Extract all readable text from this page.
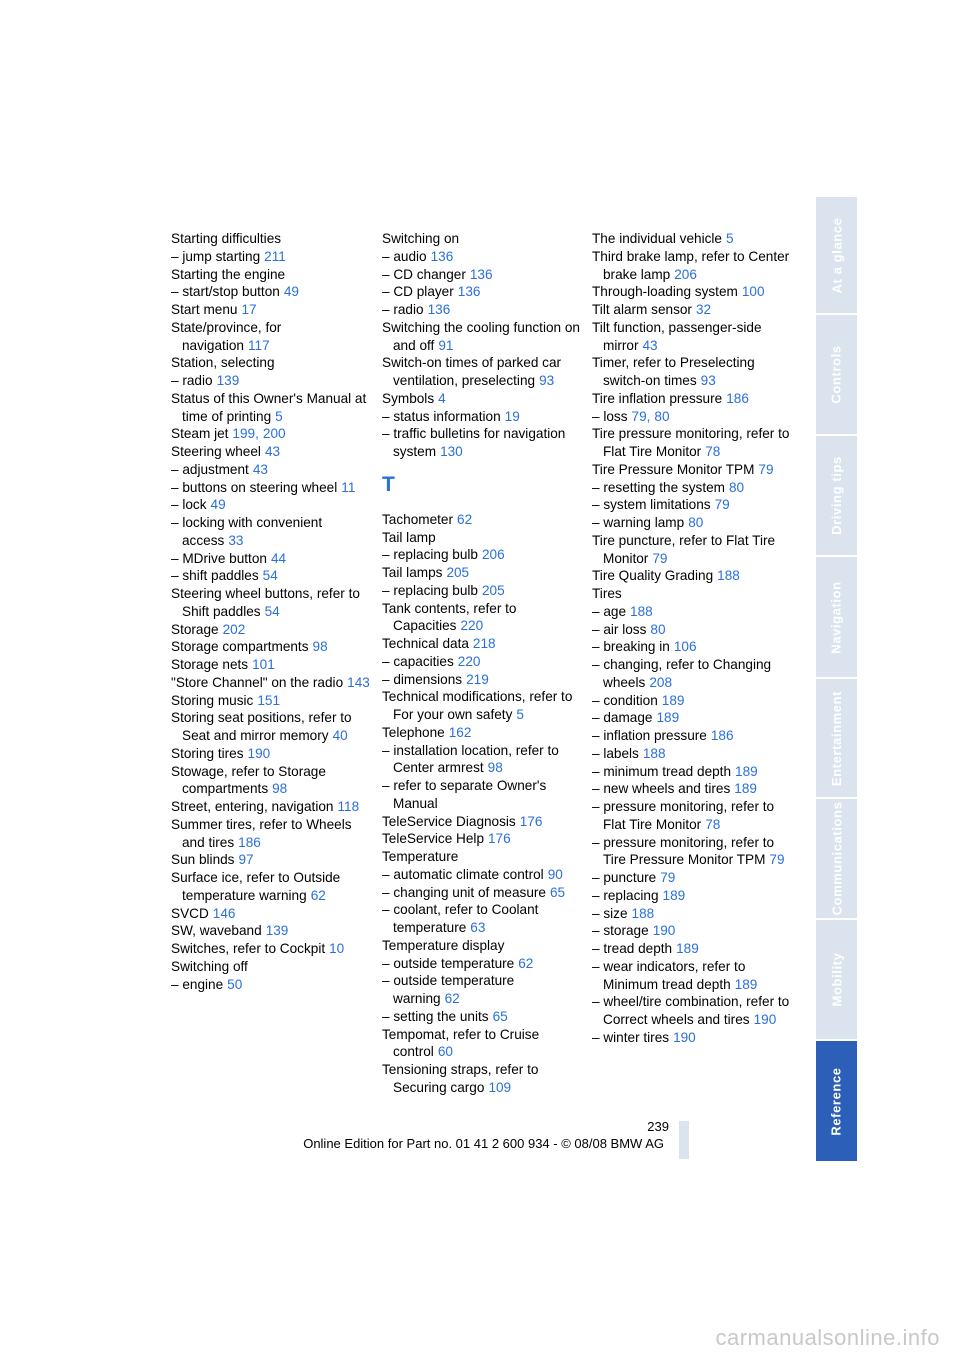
Starting difficulties
– jump starting 211
Starting the engine
– start/stop button 49
Start menu 17
State/province, for navigation 117
Station, selecting
– radio 139
Status of this Owner's Manual at time of printing 5
Steam jet 199, 200
Steering wheel 43
– adjustment 43
– buttons on steering wheel 11
– lock 49
– locking with convenient access 33
– MDrive button 44
– shift paddles 54
Steering wheel buttons, refer to Shift paddles 54
Storage 202
Storage compartments 98
Storage nets 101
"Store Channel" on the radio 143
Storing music 151
Storing seat positions, refer to Seat and mirror memory 40
Storing tires 190
Stowage, refer to Storage compartments 98
Street, entering, navigation 118
Summer tires, refer to Wheels and tires 186
Sun blinds 97
Surface ice, refer to Outside temperature warning 62
SVCD 146
SW, waveband 139
Switches, refer to Cockpit 10
Switching off
– engine 50
Switching on
– audio 136
– CD changer 136
– CD player 136
– radio 136
Switching the cooling function on and off 91
Switch-on times of parked car ventilation, preselecting 93
Symbols 4
– status information 19
– traffic bulletins for navigation system 130
T
Tachometer 62
Tail lamp
– replacing bulb 206
Tail lamps 205
– replacing bulb 205
Tank contents, refer to Capacities 220
Technical data 218
– capacities 220
– dimensions 219
Technical modifications, refer to For your own safety 5
Telephone 162
– installation location, refer to Center armrest 98
– refer to separate Owner's Manual
TeleService Diagnosis 176
TeleService Help 176
Temperature
– automatic climate control 90
– changing unit of measure 65
– coolant, refer to Coolant temperature 63
Temperature display
– outside temperature 62
– outside temperature warning 62
– setting the units 65
Tempomat, refer to Cruise control 60
Tensioning straps, refer to Securing cargo 109
The individual vehicle 5
Third brake lamp, refer to Center brake lamp 206
Through-loading system 100
Tilt alarm sensor 32
Tilt function, passenger-side mirror 43
Timer, refer to Preselecting switch-on times 93
Tire inflation pressure 186
– loss 79, 80
Tire pressure monitoring, refer to Flat Tire Monitor 78
Tire Pressure Monitor TPM 79
– resetting the system 80
– system limitations 79
– warning lamp 80
Tire puncture, refer to Flat Tire Monitor 79
Tire Quality Grading 188
Tires
– age 188
– air loss 80
– breaking in 106
– changing, refer to Changing wheels 208
– condition 189
– damage 189
– inflation pressure 186
– labels 188
– minimum tread depth 189
– new wheels and tires 189
– pressure monitoring, refer to Flat Tire Monitor 78
– pressure monitoring, refer to Tire Pressure Monitor TPM 79
– puncture 79
– replacing 189
– size 188
– storage 190
– tread depth 189
– wear indicators, refer to Minimum tread depth 189
– wheel/tire combination, refer to Correct wheels and tires 190
– winter tires 190
At a glance
Controls
Driving tips
Navigation
Entertainment
Communications
Mobility
Reference
239
Online Edition for Part no. 01 41 2 600 934 - © 08/08 BMW AG
carmanualsonline.info
